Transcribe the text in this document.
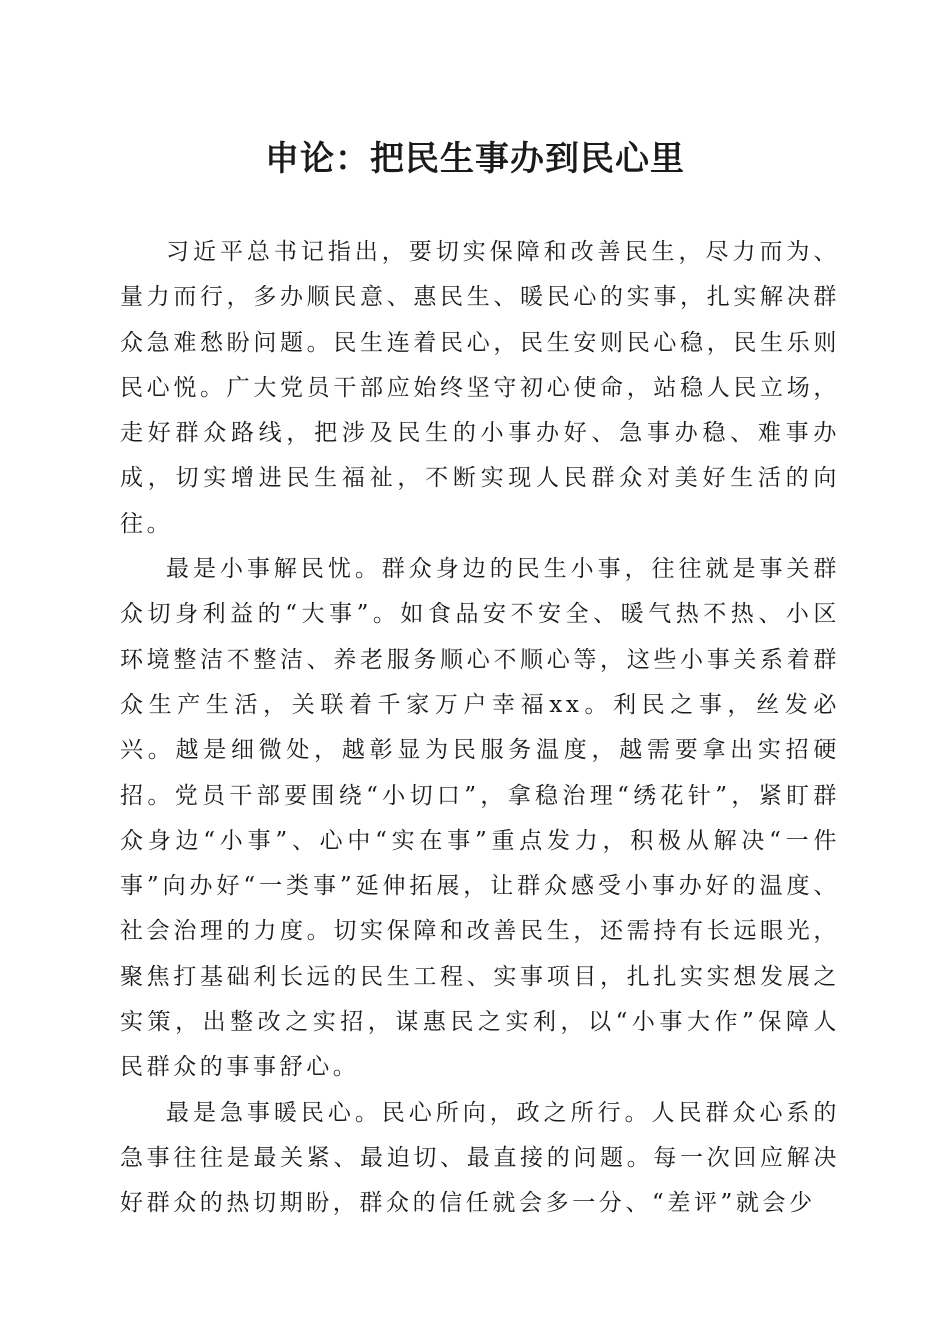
申论：把民生事办到民心里

习近平总书记指出，要切实保障和改善民生，尽力而为、量力而行，多办顺民意、惠民生、暖民心的实事，扎实解决群众急难愁盼问题。民生连着民心，民生安则民心稳，民生乐则民心悦。广大党员干部应始终坚守初心使命，站稳人民立场，走好群众路线，把涉及民生的小事办好、急事办稳、难事办成，切实增进民生福祉，不断实现人民群众对美好生活的向往。

最是小事解民忧。群众身边的民生小事，往往就是事关群众切身利益的“大事”。如食品安不安全、暖气热不热、小区环境整洁不整洁、养老服务顺心不顺心等，这些小事关系着群众生产生活，关联着千家万户幸福xx。利民之事，丝发必兴。越是细微处，越彰显为民服务温度，越需要拿出实招硬招。党员干部要围绕“小切口”，拿稳治理“绣花针”，紧盯群众身边“小事”、心中“实在事”重点发力，积极从解决“一件事”向办好“一类事”延伸拓展，让群众感受小事办好的温度、社会治理的力度。切实保障和改善民生，还需持有长远眼光，聚焦打基础利长远的民生工程、实事项目，扎扎实实想发展之实策，出整改之实招，谋惠民之实利，以“小事大作”保障人民群众的事事舒心。

最是急事暖民心。民心所向，政之所行。人民群众心系的急事往往是最关紧、最迫切、最直接的问题。每一次回应解决好群众的热切期盼，群众的信任就会多一分、“差评”就会少
